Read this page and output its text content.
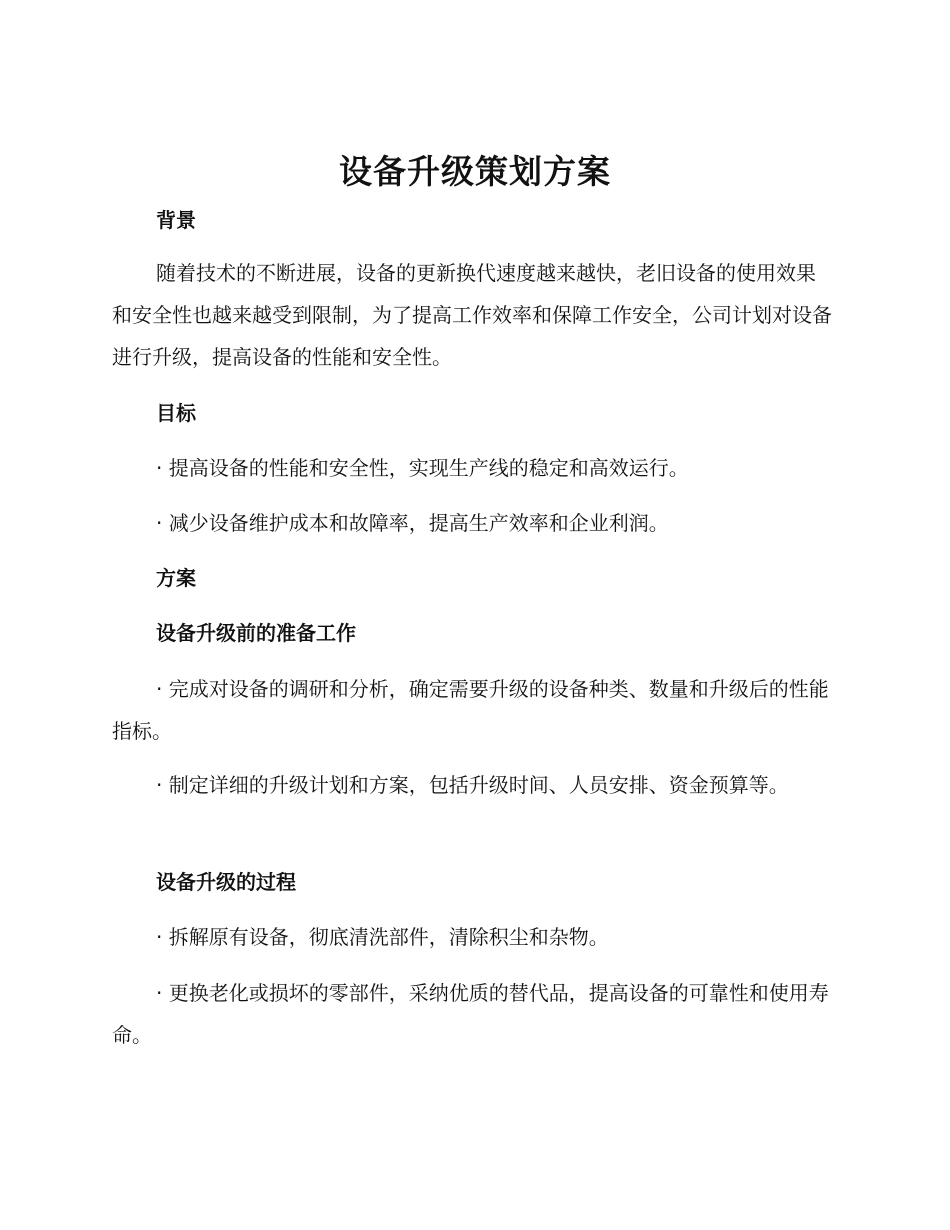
设备升级策划方案
背景

随着技术的不断进展，设备的更新换代速度越来越快，老旧设备的使用效果和安全性也越来越受到限制，为了提高工作效率和保障工作安全，公司计划对设备进行升级，提高设备的性能和安全性。

目标

· 提高设备的性能和安全性，实现生产线的稳定和高效运行。

· 减少设备维护成本和故障率，提高生产效率和企业利润。

方案
设备升级前的准备工作

· 完成对设备的调研和分析，确定需要升级的设备种类、数量和升级后的性能指标。

· 制定详细的升级计划和方案，包括升级时间、人员安排、资金预算等。

设备升级的过程

· 拆解原有设备，彻底清洗部件，清除积尘和杂物。

· 更换老化或损坏的零部件，采纳优质的替代品，提高设备的可靠性和使用寿命。
